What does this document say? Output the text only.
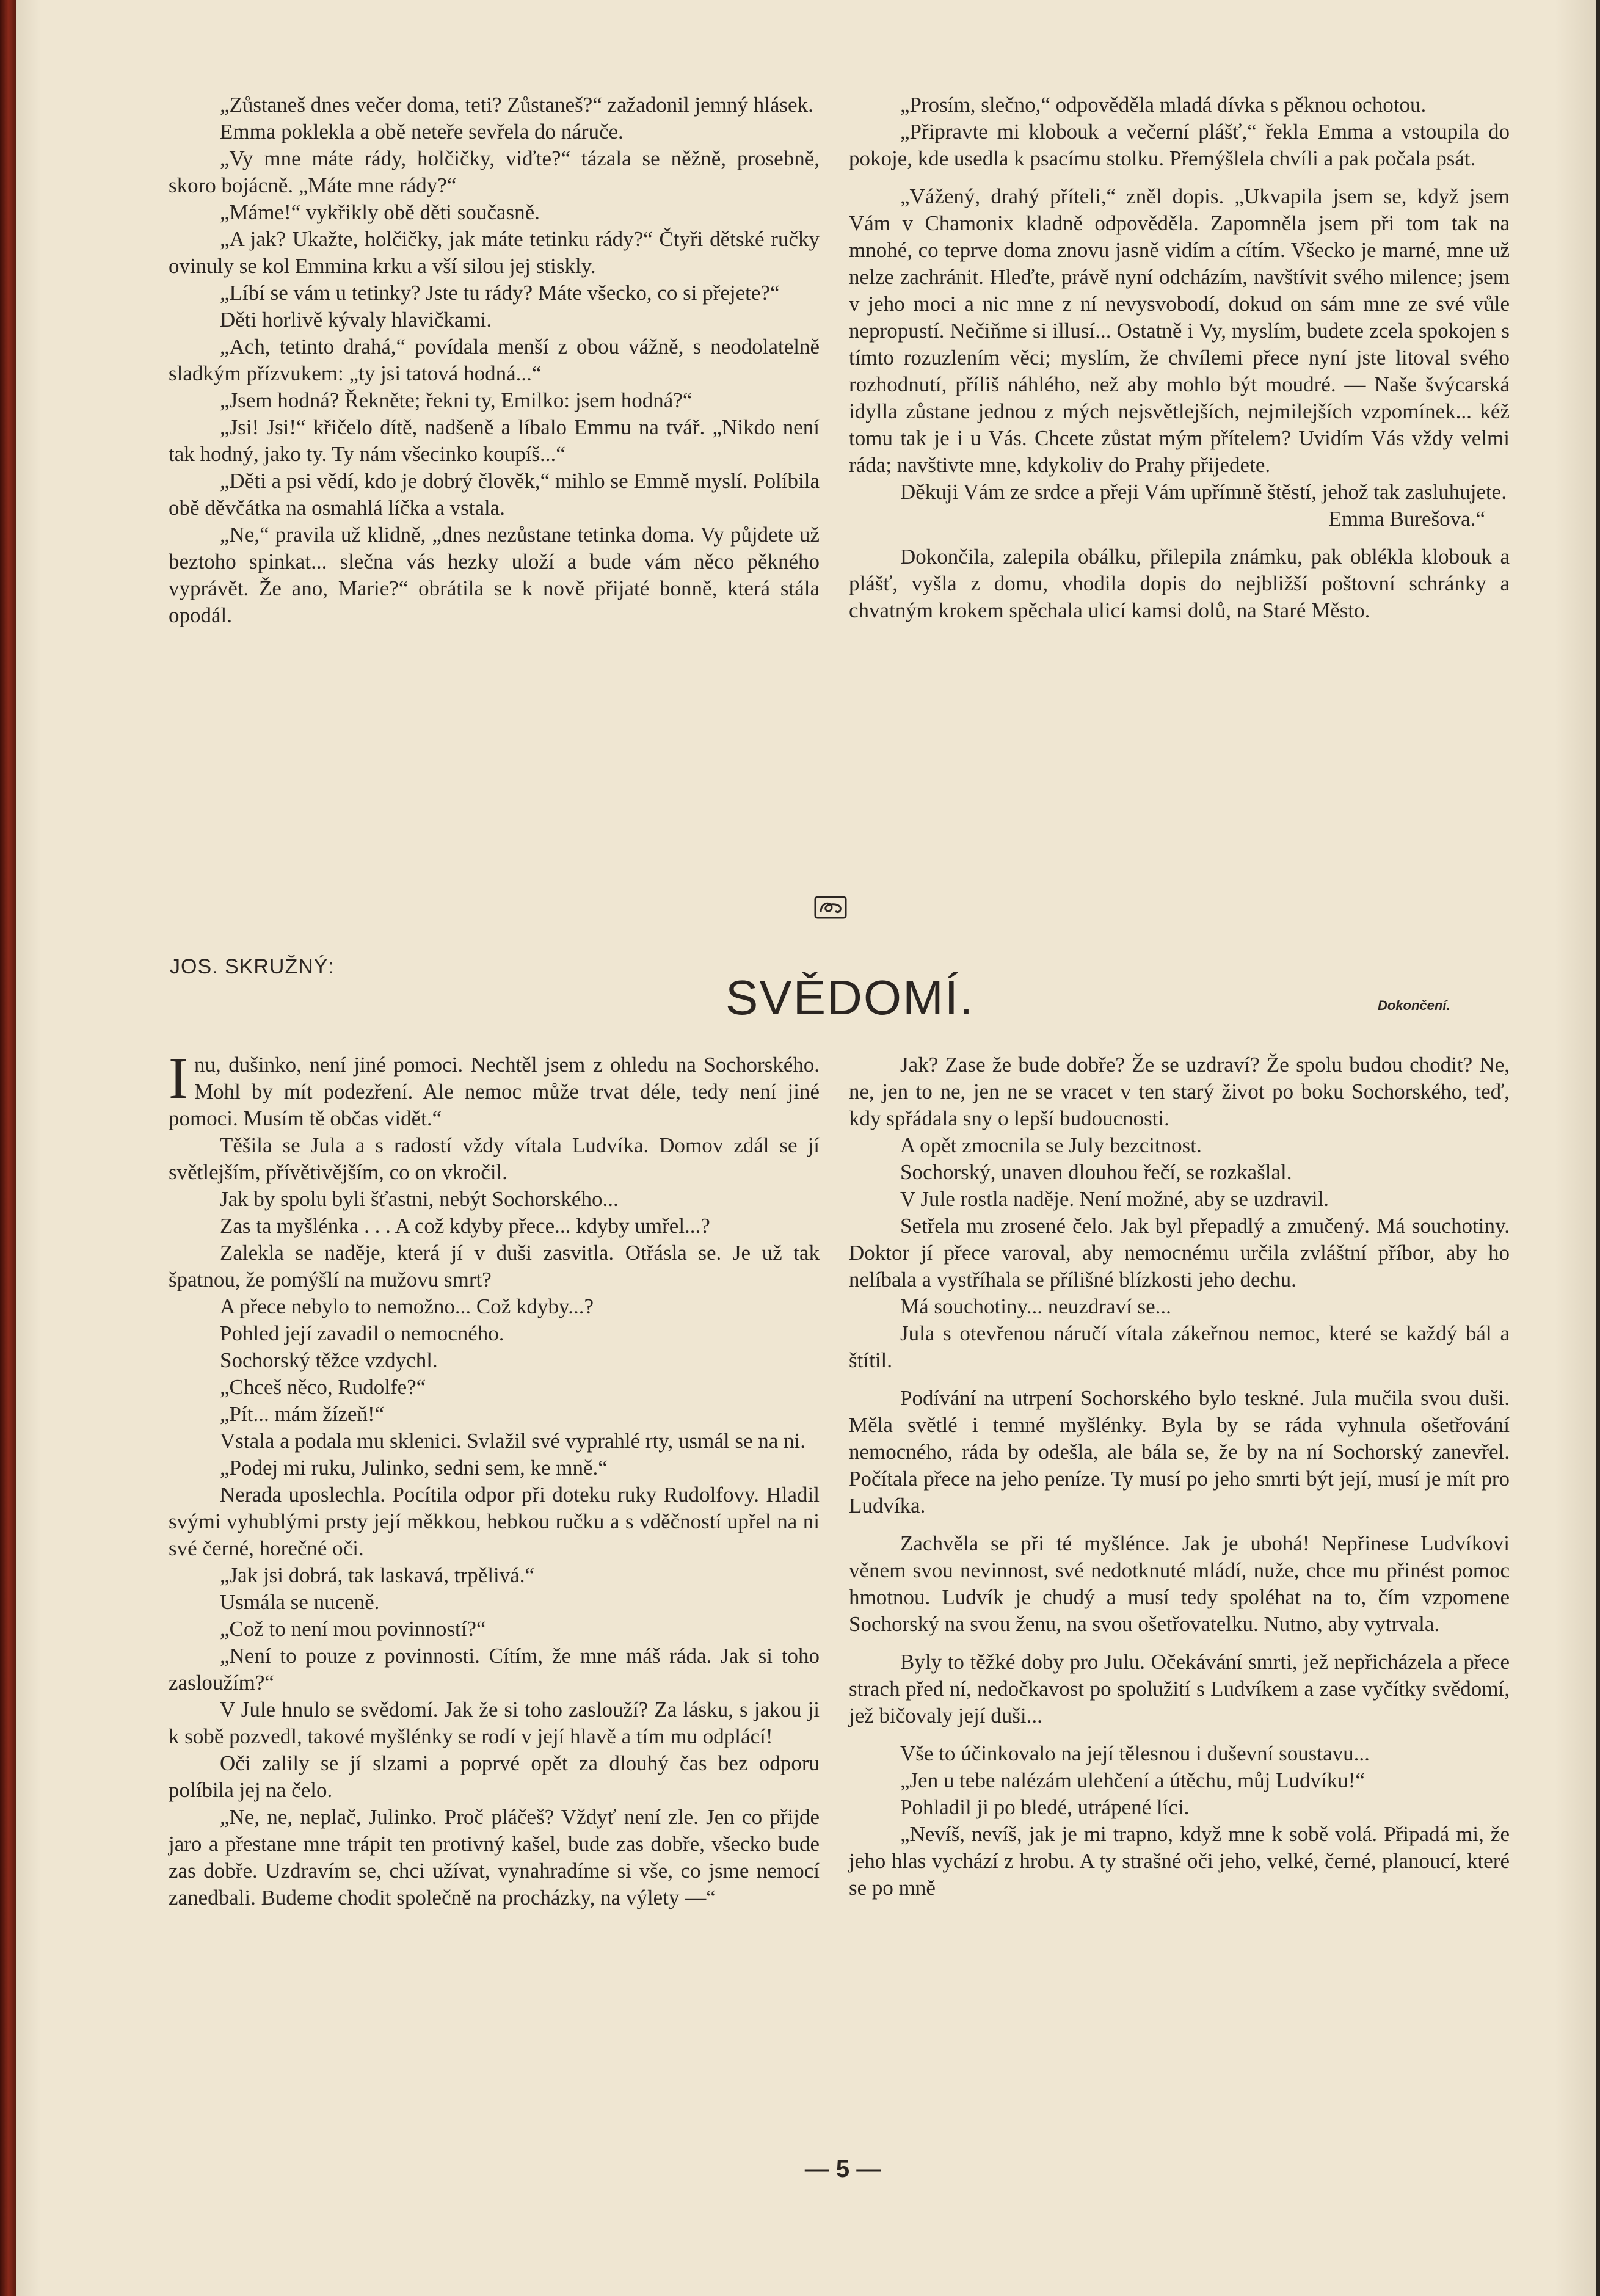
„Zůstaneš dnes večer doma, teti? Zůstaneš?“ zažadonil jemný hlásek.

Emma poklekla a obě neteře sevřela do náruče.

„Vy mne máte rády, holčičky, viďte?“ tázala se něžně, prosebně, skoro bojácně. „Máte mne rády?“

„Máme!“ vykřikly obě děti současně.

„A jak? Ukažte, holčičky, jak máte tetinku rády?“ Čtyři dětské ručky ovinuly se kol Emmina krku a vší silou jej stiskly.

„Líbí se vám u tetinky? Jste tu rády? Máte všecko, co si přejete?“

Děti horlivě kývaly hlavičkami.

„Ach, tetinto drahá,“ povídala menší z obou vážně, s neodolatelně sladkým přízvukem: „ty jsi tatová hodná...“

„Jsem hodná? Řekněte; řekni ty, Emilko: jsem hodná?“

„Jsi! Jsi!“ křičelo dítě, nadšeně a líbalo Emmu na tvář. „Nikdo není tak hodný, jako ty. Ty nám všecinko koupíš...“

„Děti a psi vědí, kdo je dobrý člověk,“ mihlo se Emmě myslí. Políbila obě děvčátka na osmahlá líčka a vstala.

„Ne,“ pravila už klidně, „dnes nezůstane tetinka doma. Vy půjdete už beztoho spinkat... slečna vás hezky uloží a bude vám něco pěkného vyprávět. Že ano, Marie?“ obrátila se k nově přijaté bonně, která stála opodál.

„Prosím, slečno,“ odpověděla mladá dívka s pěknou ochotou.

„Připravte mi klobouk a večerní plášť,“ řekla Emma a vstoupila do pokoje, kde usedla k psacímu stolku. Přemýšlela chvíli a pak počala psát.

„Vážený, drahý příteli,“ zněl dopis. „Ukvapila jsem se, když jsem Vám v Chamonix kladně odpověděla. Zapomněla jsem při tom tak na mnohé, co teprve doma znovu jasně vidím a cítím. Všecko je marné, mne už nelze zachránit. Hleďte, právě nyní odcházím, navštívit svého milence; jsem v jeho moci a nic mne z ní nevysvobodí, dokud on sám mne ze své vůle nepropustí. Nečiňme si illusí... Ostatně i Vy, myslím, budete zcela spokojen s tímto rozuzlením věci; myslím, že chvílemi přece nyní jste litoval svého rozhodnutí, příliš náhlého, než aby mohlo být moudré. — Naše švýcarská idylla zůstane jednou z mých nejsvětlejších, nejmilejších vzpomínek... kéž tomu tak je i u Vás. Chcete zůstat mým přítelem? Uvidím Vás vždy velmi ráda; navštivte mne, kdykoliv do Prahy přijedete.

Děkuji Vám ze srdce a přeji Vám upřímně štěstí, jehož tak zasluhujete.

Emma Burešova.“

Dokončila, zalepila obálku, přilepila známku, pak oblékla klobouk a plášť, vyšla z domu, vhodila dopis do nejbližší poštovní schránky a chvatným krokem spěchala ulicí kamsi dolů, na Staré Město.

JOS. SKRUŽNÝ:
SVĚDOMÍ.	Dokončení.

Inu, dušinko, není jiné pomoci. Nechtěl jsem z ohledu na Sochorského. Mohl by mít podezření. Ale nemoc může trvat déle, tedy není jiné pomoci. Musím tě občas vidět.“

Těšila se Jula a s radostí vždy vítala Ludvíka. Domov zdál se jí světlejším, přívětivějším, co on vkročil.

Jak by spolu byli šťastni, nebýt Sochorského...

Zas ta myšlénka . . . A což kdyby přece... kdyby umřel...?

Zalekla se naděje, která jí v duši zasvitla. Otřásla se. Je už tak špatnou, že pomýšlí na mužovu smrt?

A přece nebylo to nemožno... Což kdyby...?

Pohled její zavadil o nemocného.

Sochorský těžce vzdychl.

„Chceš něco, Rudolfe?“

„Pít... mám žízeň!“

Vstala a podala mu sklenici. Svlažil své vyprahlé rty, usmál se na ni.

„Podej mi ruku, Julinko, sedni sem, ke mně.“

Nerada uposlechla. Pocítila odpor při doteku ruky Rudolfovy. Hladil svými vyhublými prsty její měkkou, hebkou ručku a s vděčností upřel na ni své černé, horečné oči.

„Jak jsi dobrá, tak laskavá, trpělivá.“

Usmála se nuceně.

„Což to není mou povinností?“

„Není to pouze z povinnosti. Cítím, že mne máš ráda. Jak si toho zasloužím?“

V Jule hnulo se svědomí. Jak že si toho zaslouží? Za lásku, s jakou ji k sobě pozvedl, takové myšlénky se rodí v její hlavě a tím mu odplácí!

Oči zalily se jí slzami a poprvé opět za dlouhý čas bez odporu políbila jej na čelo.

„Ne, ne, neplač, Julinko. Proč pláčeš? Vždyť není zle. Jen co přijde jaro a přestane mne trápit ten protivný kašel, bude zas dobře, všecko bude zas dobře. Uzdravím se, chci užívat, vynahradíme si vše, co jsme nemocí zanedbali. Budeme chodit společně na procházky, na výlety —“

Jak? Zase že bude dobře? Že se uzdraví? Že spolu budou chodit? Ne, ne, jen to ne, jen ne se vracet v ten starý život po boku Sochorského, teď, kdy spřádala sny o lepší budoucnosti.

A opět zmocnila se July bezcitnost.

Sochorský, unaven dlouhou řečí, se rozkašlal.

V Jule rostla naděje. Není možné, aby se uzdravil.

Setřela mu zrosené čelo. Jak byl přepadlý a zmučený. Má souchotiny. Doktor jí přece varoval, aby nemocnému určila zvláštní příbor, aby ho nelíbala a vystříhala se přílišné blízkosti jeho dechu.

Má souchotiny... neuzdraví se...

Jula s otevřenou náručí vítala zákeřnou nemoc, které se každý bál a štítil.

Podívání na utrpení Sochorského bylo teskné. Jula mučila svou duši. Měla světlé i temné myšlénky. Byla by se ráda vyhnula ošetřování nemocného, ráda by odešla, ale bála se, že by na ní Sochorský zanevřel. Počítala přece na jeho peníze. Ty musí po jeho smrti být její, musí je mít pro Ludvíka.

Zachvěla se při té myšlénce. Jak je ubohá! Nepřinese Ludvíkovi věnem svou nevinnost, své nedotknuté mládí, nuže, chce mu přinést pomoc hmotnou. Ludvík je chudý a musí tedy spoléhat na to, čím vzpomene Sochorský na svou ženu, na svou ošetřovatelku. Nutno, aby vytrvala.

Byly to těžké doby pro Julu. Očekávání smrti, jež nepřicházela a přece strach před ní, nedočkavost po spolužití s Ludvíkem a zase vyčítky svědomí, jež bičovaly její duši...

Vše to účinkovalo na její tělesnou i duševní soustavu...

„Jen u tebe nalézám ulehčení a útěchu, můj Ludvíku!“

Pohladil ji po bledé, utrápené líci.

„Nevíš, nevíš, jak je mi trapno, když mne k sobě volá. Připadá mi, že jeho hlas vychází z hrobu. A ty strašné oči jeho, velké, černé, planoucí, které se po mně

— 5 —
